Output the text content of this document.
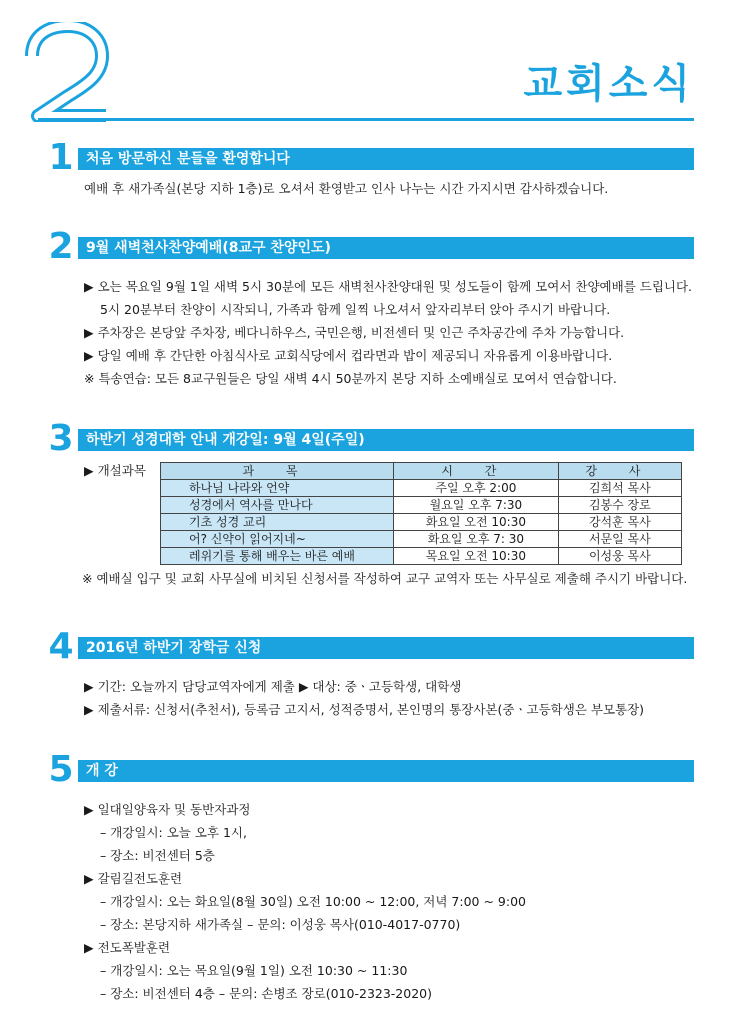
교회소식
1 처음 방문하신 분들을 환영합니다
예배 후 새가족실(본당 지하 1층)로 오셔서 환영받고 인사 나누는 시간 가지시면 감사하겠습니다.
2 9월 새벽천사찬양예배(8교구 찬양인도)
▶ 오는 목요일 9월 1일 새벽 5시 30분에 모든 새벽천사찬양대원 및 성도들이 함께 모여서 찬양예배를 드립니다.
5시 20분부터 찬양이 시작되니, 가족과 함께 일찍 나오셔서 앞자리부터 앉아 주시기 바랍니다.
▶ 주차장은 본당앞 주차장, 베다니하우스, 국민은행, 비전센터 및 인근 주차공간에 주차 가능합니다.
▶ 당일 예배 후 간단한 아침식사로 교회식당에서 컵라면과 밥이 제공되니 자유롭게 이용바랍니다.
※ 특송연습: 모든 8교구원들은 당일 새벽 4시 50분까지 본당 지하 소예배실로 모여서 연습합니다.
3 하반기 성경대학 안내 개강일: 9월 4일(주일)
▶ 개설과목	과 목	시 간	강 사
하나님 나라와 언약	주일 오후 2:00	김희석 목사
성경에서 역사를 만나다	월요일 오후 7:30	김봉수 장로
기초 성경 교리	화요일 오전 10:30	강석훈 목사
어? 신약이 읽어지네~	화요일 오후 7: 30	서문일 목사
레위기를 통해 배우는 바른 예배	목요일 오전 10:30	이성웅 목사
※ 예배실 입구 및 교회 사무실에 비치된 신청서를 작성하여 교구 교역자 또는 사무실로 제출해 주시기 바랍니다.
4 2016년 하반기 장학금 신청
▶ 기간: 오늘까지 담당교역자에게 제출 ▶ 대상: 중ㆍ고등학생, 대학생
▶ 제출서류: 신청서(추천서), 등록금 고지서, 성적증명서, 본인명의 통장사본(중ㆍ고등학생은 부모통장)
5 개 강
▶ 일대일양육자 및 동반자과정
– 개강일시: 오늘 오후 1시,
– 장소: 비전센터 5층
▶ 갈림길전도훈련
– 개강일시: 오는 화요일(8월 30일) 오전 10:00 ~ 12:00, 저녁 7:00 ~ 9:00
– 장소: 본당지하 새가족실 – 문의: 이성웅 목사(010-4017-0770)
▶ 전도폭발훈련
– 개강일시: 오는 목요일(9월 1일) 오전 10:30 ~ 11:30
– 장소: 비전센터 4층 – 문의: 손병조 장로(010-2323-2020)
